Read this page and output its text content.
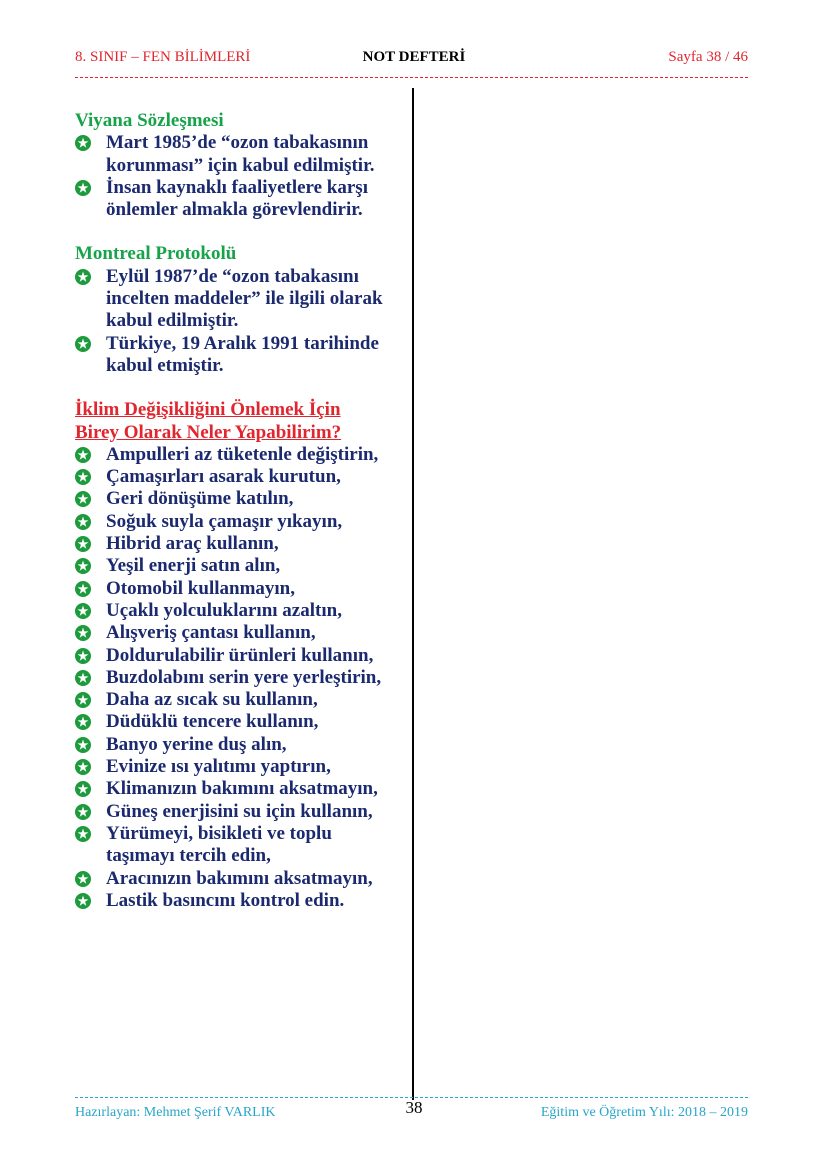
8. SINIF – FEN BİLİMLERİ	NOT DEFTERİ	Sayfa 38 / 46
Viyana Sözleşmesi
★ Mart 1985’de “ozon tabakasının korunması” için kabul edilmiştir.
★ İnsan kaynaklı faaliyetlere karşı önlemler almakla görevlendirir.
Montreal Protokolü
★ Eylül 1987’de “ozon tabakasını incelten maddeler” ile ilgili olarak kabul edilmiştir.
★ Türkiye, 19 Aralık 1991 tarihinde kabul etmiştir.
İklim Değişikliğini Önlemek İçin Birey Olarak Neler Yapabilirim?
★ Ampulleri az tüketenle değiştirin,
★ Çamaşırları asarak kurutun,
★ Geri dönüşüme katılın,
★ Soğuk suyla çamaşır yıkayın,
★ Hibrid araç kullanın,
★ Yeşil enerji satın alın,
★ Otomobil kullanmayın,
★ Uçaklı yolculuklarını azaltın,
★ Alışveriş çantası kullanın,
★ Doldurulabilir ürünleri kullanın,
★ Buzdolabını serin yere yerleştirin,
★ Daha az sıcak su kullanın,
★ Düdüklü tencere kullanın,
★ Banyo yerine duş alın,
★ Evinize ısı yalıtımı yaptırın,
★ Klimanızın bakımını aksatmayın,
★ Güneş enerjisini su için kullanın,
★ Yürümeyi, bisikleti ve toplu taşımayı tercih edin,
★ Aracınızın bakımını aksatmayın,
★ Lastik basıncını kontrol edin.
Hazırlayan: Mehmet Şerif VARLIK	38	Eğitim ve Öğretim Yılı: 2018 – 2019
